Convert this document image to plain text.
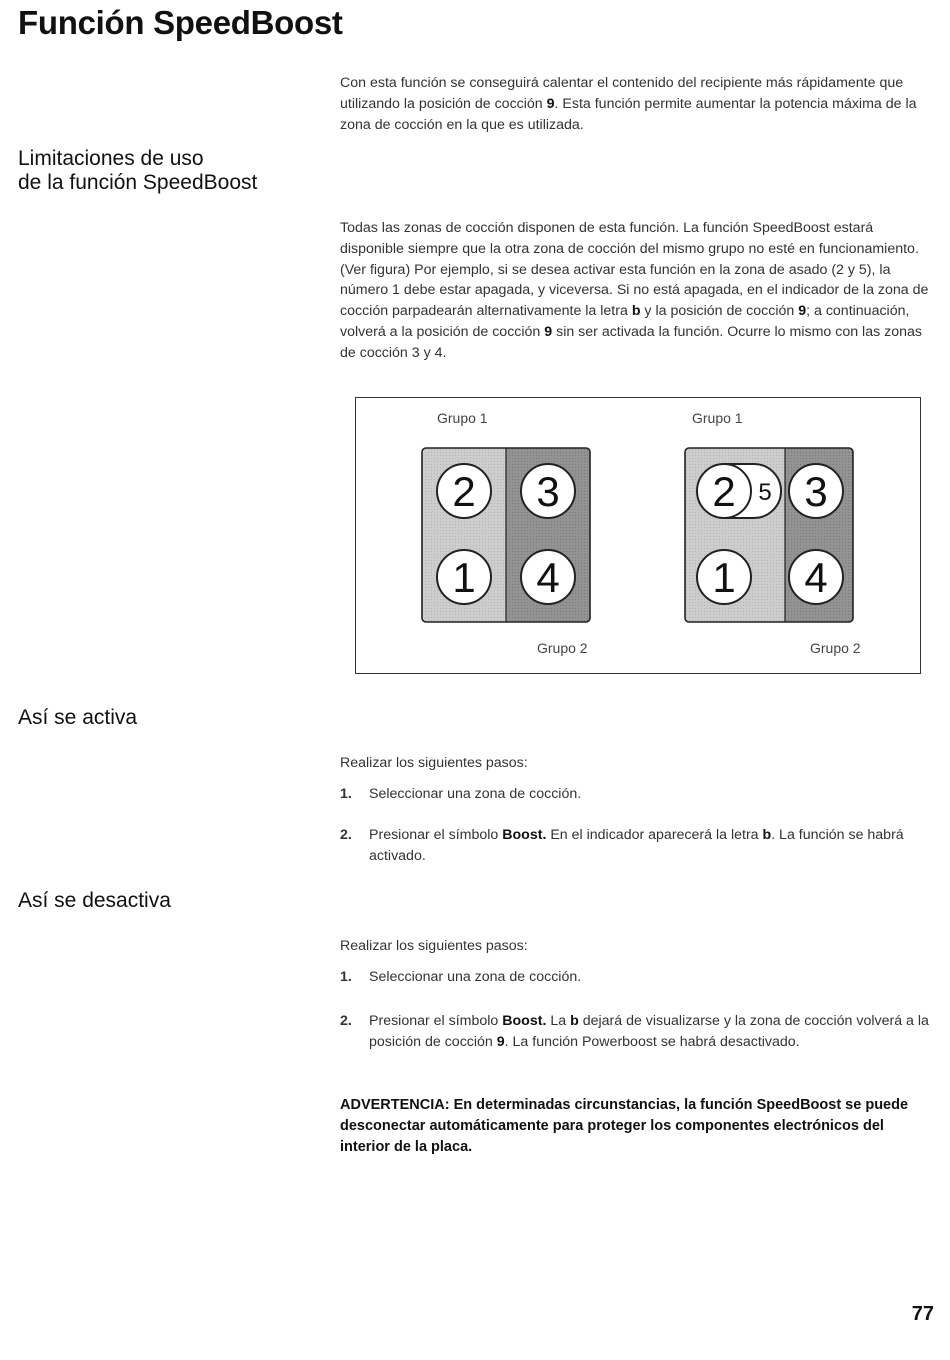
Función SpeedBoost
Con esta función se conseguirá calentar el contenido del recipiente más rápidamente que utilizando la posición de cocción 9. Esta función permite aumentar la potencia máxima de la zona de cocción en la que es utilizada.
Limitaciones de uso
de la función SpeedBoost
Todas las zonas de cocción disponen de esta función. La función SpeedBoost estará disponible siempre que la otra zona de cocción del mismo grupo no esté en funcionamiento. (Ver figura) Por ejemplo, si se desea activar esta función en la zona de asado (2 y 5), la número 1 debe estar apagada, y viceversa. Si no está apagada, en el indicador de la zona de cocción parpadearán alternativamente la letra b y la posición de cocción 9; a continuación, volverá a la posición de cocción 9 sin ser activada la función. Ocurre lo mismo con las zonas de cocción 3 y 4.
Grupo 1	Grupo 1
Grupo 2	Grupo 2
2 3
1 4
2 5 3
1 4
Así se activa
Realizar los siguientes pasos:
1. Seleccionar una zona de cocción.
2. Presionar el símbolo Boost. En el indicador aparecerá la letra b. La función se habrá activado.
Así se desactiva
Realizar los siguientes pasos:
1. Seleccionar una zona de cocción.
2. Presionar el símbolo Boost. La b dejará de visualizarse y la zona de cocción volverá a la posición de cocción 9. La función Powerboost se habrá desactivado.
ADVERTENCIA: En determinadas circunstancias, la función SpeedBoost se puede desconectar automáticamente para proteger los componentes electrónicos del interior de la placa.
77
